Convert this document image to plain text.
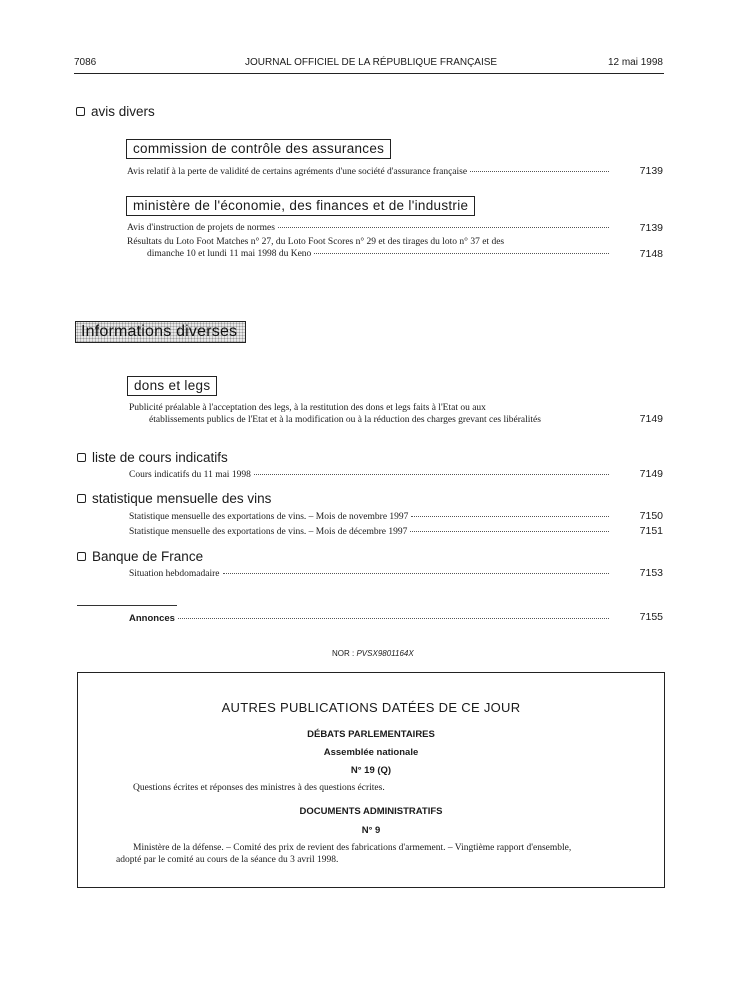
7086	JOURNAL OFFICIEL DE LA RÉPUBLIQUE FRANÇAISE	12 mai 1998
avis divers
commission de contrôle des assurances
Avis relatif à la perte de validité de certains agréments d'une société d'assurance française	7139
ministère de l'économie, des finances et de l'industrie
Avis d'instruction de projets de normes	7139
Résultats du Loto Foot Matches n° 27, du Loto Foot Scores n° 29 et des tirages du loto n° 37 et des
dimanche 10 et lundi 11 mai 1998 du Keno	7148
Informations diverses
dons et legs
Publicité préalable à l'acceptation des legs, à la restitution des dons et legs faits à l'Etat ou aux
établissements publics de l'Etat et à la modification ou à la réduction des charges grevant ces libéralités	7149
liste de cours indicatifs
Cours indicatifs du 11 mai 1998	7149
statistique mensuelle des vins
Statistique mensuelle des exportations de vins. – Mois de novembre 1997	7150
Statistique mensuelle des exportations de vins. – Mois de décembre 1997	7151
Banque de France
Situation hebdomadaire	7153
Annonces	7155
NOR : PVSX9801164X
AUTRES PUBLICATIONS DATÉES DE CE JOUR
DÉBATS PARLEMENTAIRES
Assemblée nationale
N° 19 (Q)
Questions écrites et réponses des ministres à des questions écrites.
DOCUMENTS ADMINISTRATIFS
N° 9
Ministère de la défense. – Comité des prix de revient des fabrications d'armement. – Vingtième rapport d'ensemble,
adopté par le comité au cours de la séance du 3 avril 1998.
